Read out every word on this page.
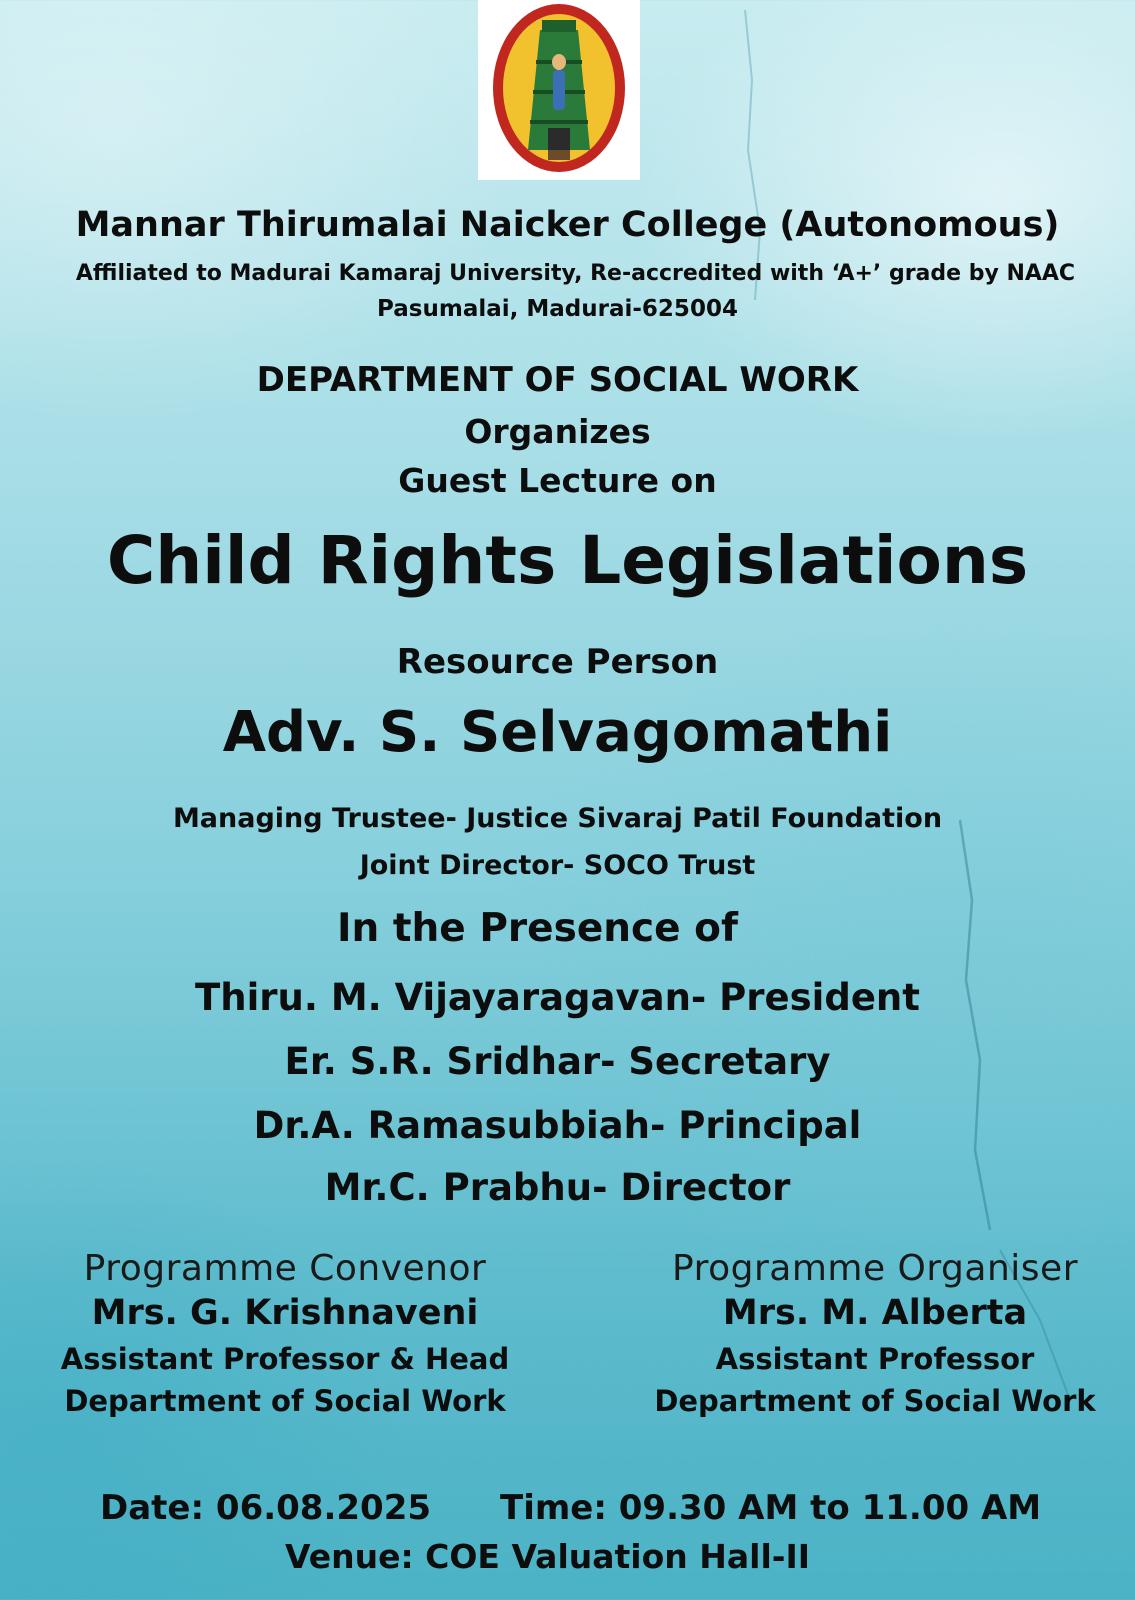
Mannar Thirumalai Naicker College (Autonomous)

Affiliated to Madurai Kamaraj University, Re-accredited with ‘A+’ grade by NAAC

Pasumalai, Madurai-625004

DEPARTMENT OF SOCIAL WORK

Organizes

Guest Lecture on

Child Rights Legislations

Resource Person

Adv. S. Selvagomathi

Managing Trustee- Justice Sivaraj Patil Foundation

Joint Director- SOCO Trust

In the Presence of

Thiru. M. Vijayaragavan- President

Er. S.R. Sridhar- Secretary

Dr.A. Ramasubbiah- Principal

Mr.C. Prabhu- Director

Programme Convenor
Mrs. G. Krishnaveni
Assistant Professor & Head
Department of Social Work
Programme Organiser
Mrs. M. Alberta
Assistant Professor
Department of Social Work

Date: 06.08.2025 Time: 09.30 AM to 11.00 AM

Venue: COE Valuation Hall-II
